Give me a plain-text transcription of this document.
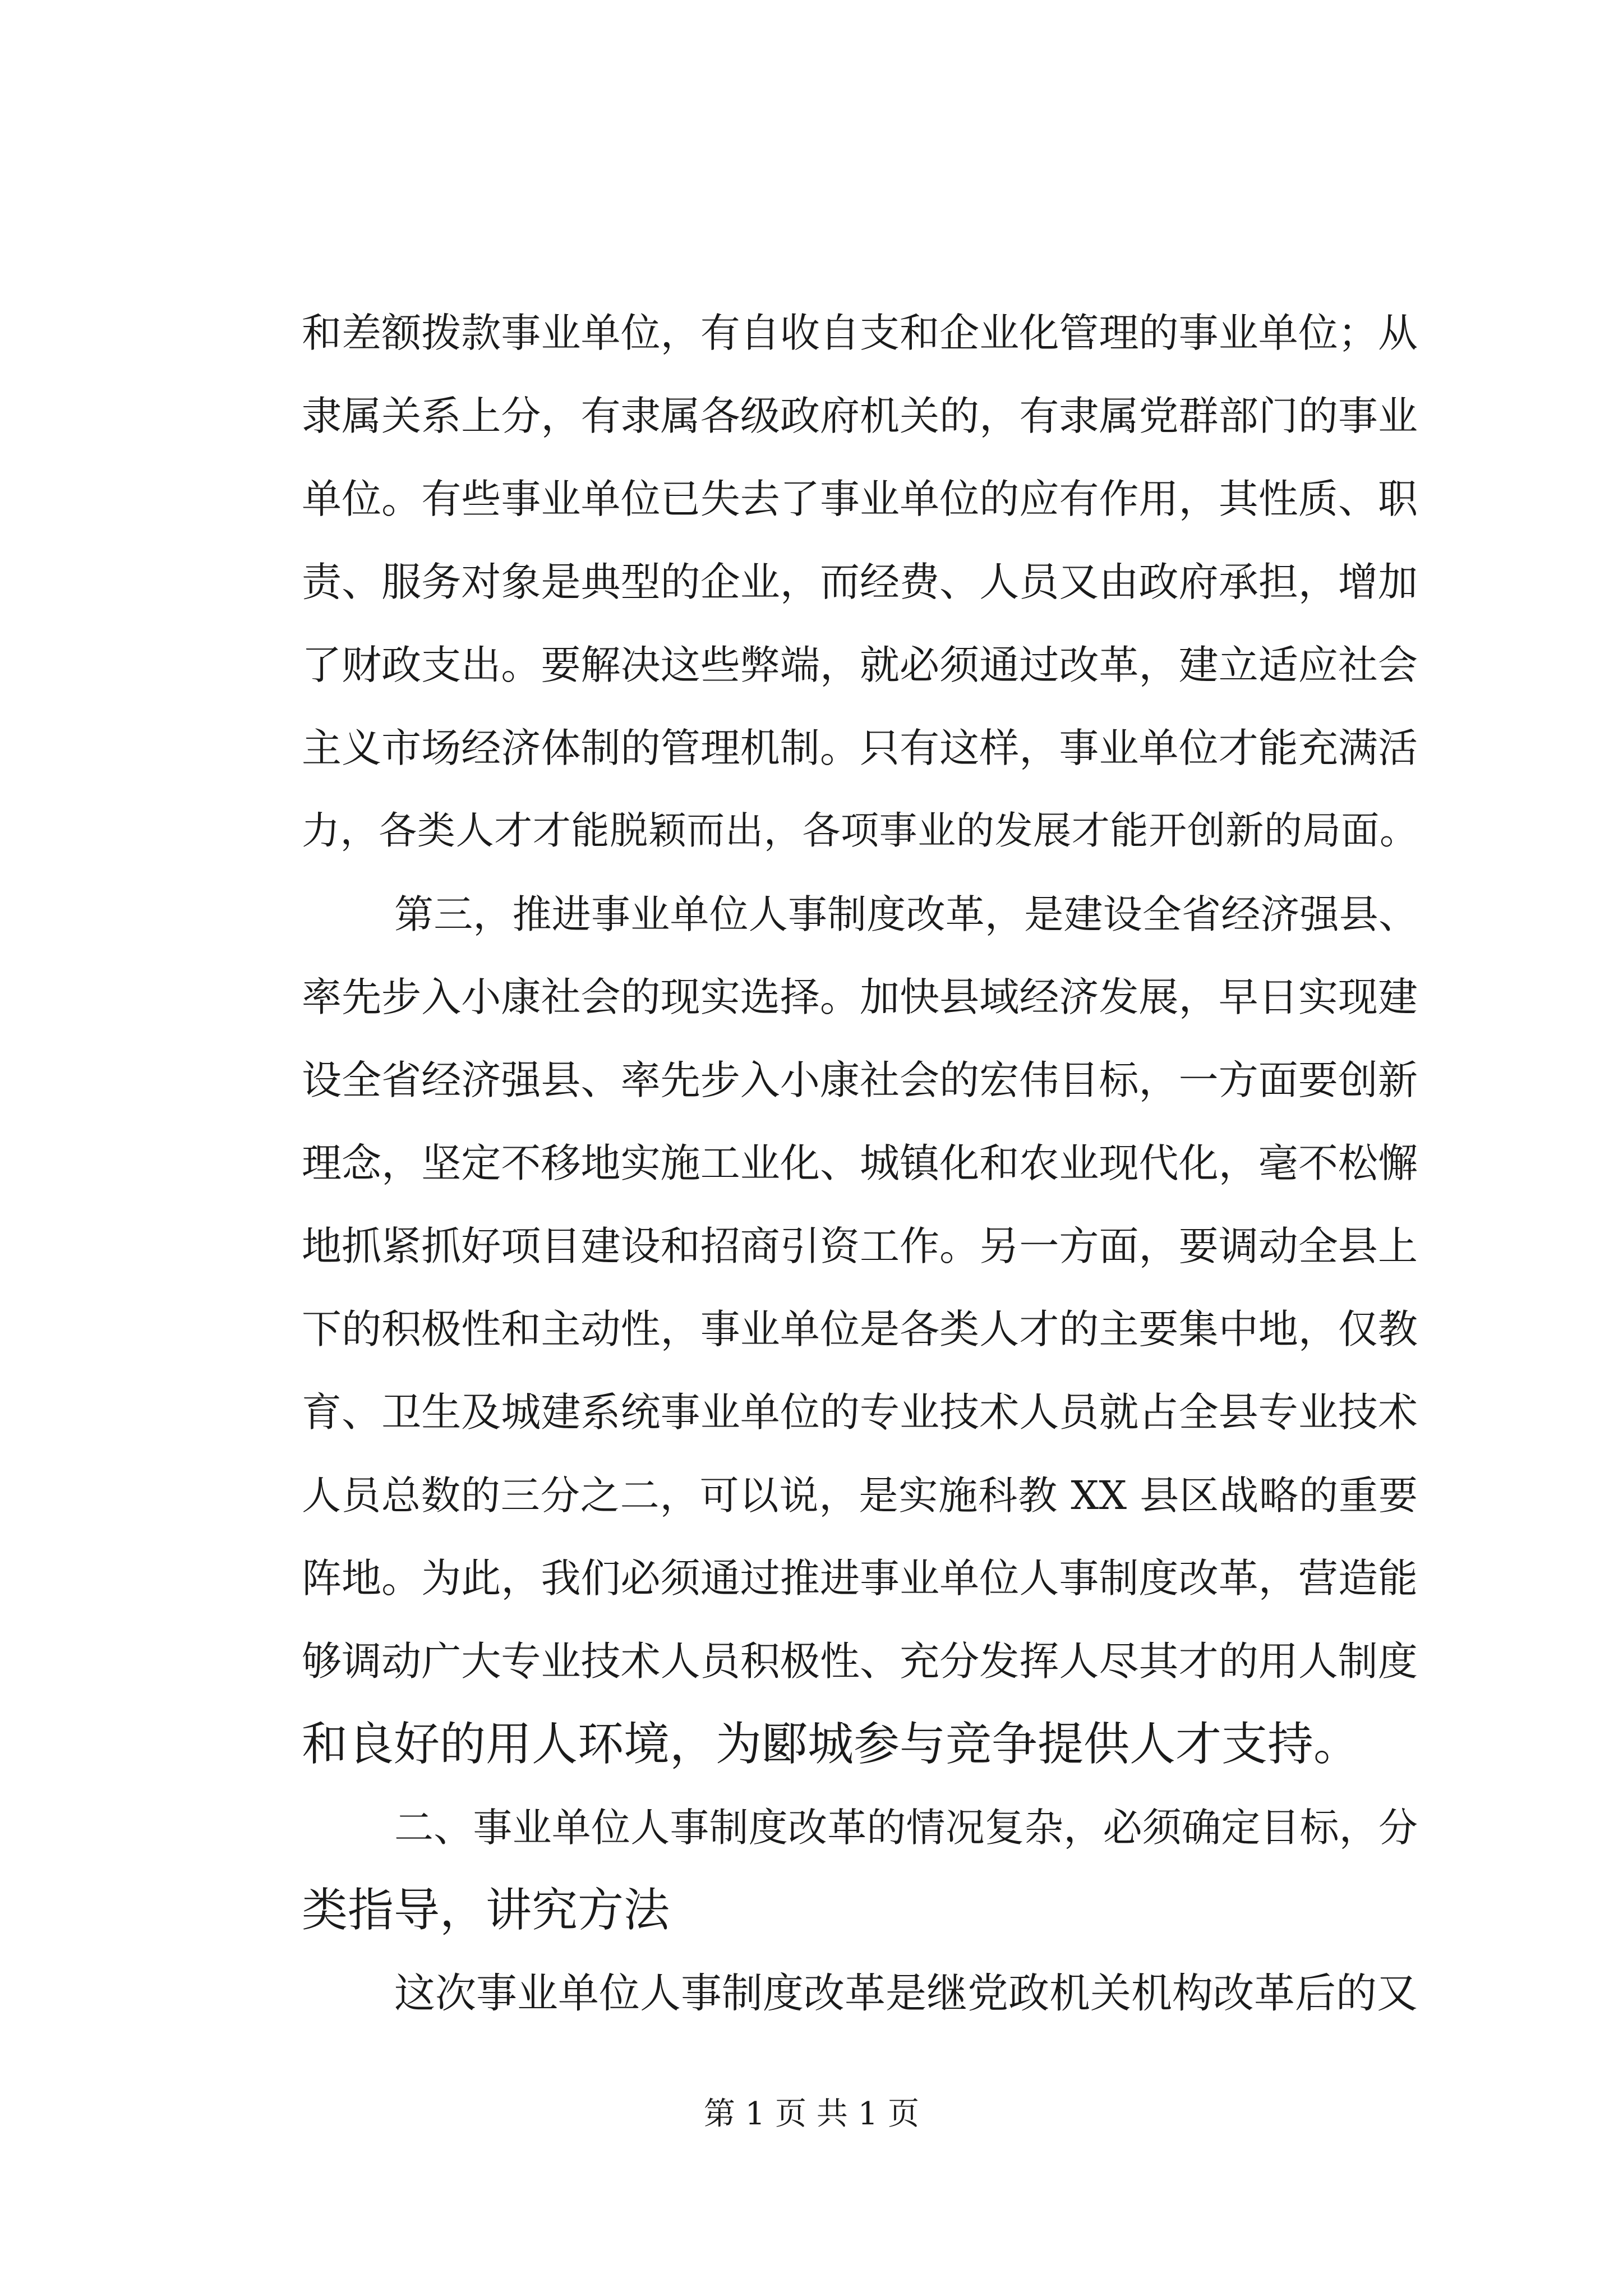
和差额拨款事业单位，有自收自支和企业化管理的事业单位；从

隶属关系上分，有隶属各级政府机关的，有隶属党群部门的事业

单位。有些事业单位已失去了事业单位的应有作用，其性质、职

责、服务对象是典型的企业，而经费、人员又由政府承担，增加

了财政支出。要解决这些弊端，就必须通过改革，建立适应社会

主义市场经济体制的管理机制。只有这样，事业单位才能充满活

力，各类人才才能脱颖而出，各项事业的发展才能开创新的局面。

第三，推进事业单位人事制度改革，是建设全省经济强县、

率先步入小康社会的现实选择。加快县域经济发展，早日实现建

设全省经济强县、率先步入小康社会的宏伟目标，一方面要创新

理念，坚定不移地实施工业化、城镇化和农业现代化，毫不松懈

地抓紧抓好项目建设和招商引资工作。另一方面，要调动全县上

下的积极性和主动性，事业单位是各类人才的主要集中地，仅教

育、卫生及城建系统事业单位的专业技术人员就占全县专业技术

人员总数的三分之二，可以说，是实施科教 XX 县区战略的重要

阵地。为此，我们必须通过推进事业单位人事制度改革，营造能

够调动广大专业技术人员积极性、充分发挥人尽其才的用人制度

和良好的用人环境，为郾城参与竞争提供人才支持。

二、事业单位人事制度改革的情况复杂，必须确定目标，分

类指导，讲究方法

这次事业单位人事制度改革是继党政机关机构改革后的又

第 1 页 共 1 页
